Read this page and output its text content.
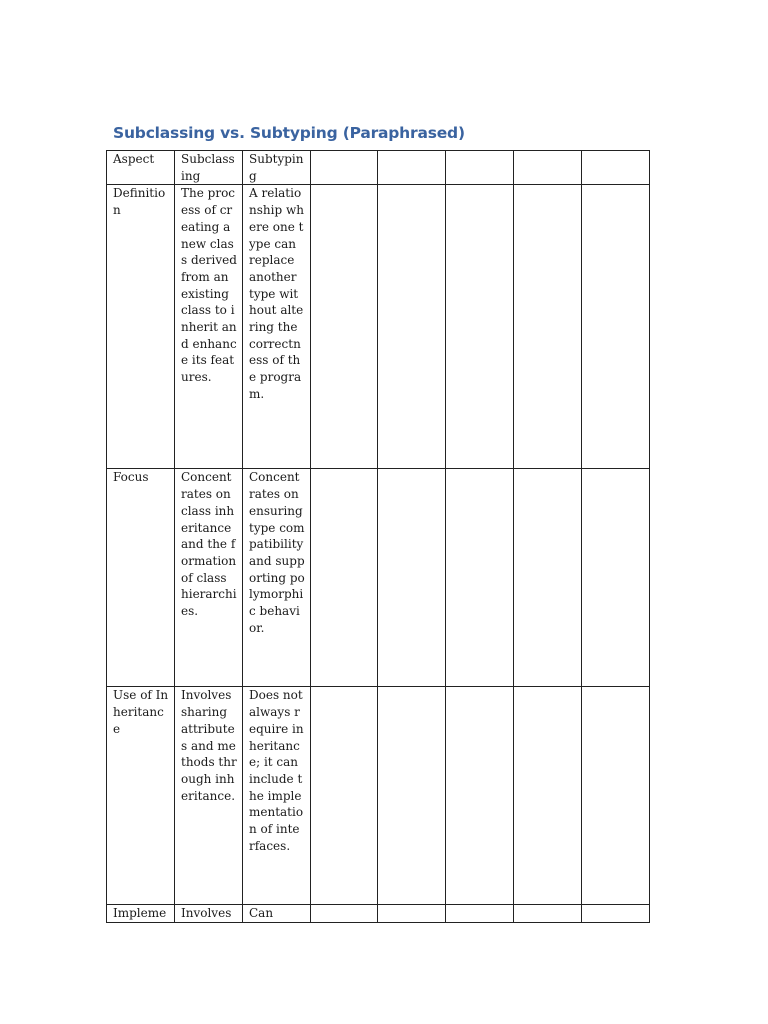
Subclassing vs. Subtyping (Paraphrased)
Aspect	Subclassing	Subtyping					
Definition	The process of creating a new class derived from an existing class to inherit and enhance its features.	A relationship where one type can replace another type without altering the correctness of the program.					
Focus	Concentrates on class inheritance and the formation of class hierarchies.	Concentrates on ensuring type compatibility and supporting polymorphic behavior.					
Use of Inheritance	Involves sharing attributes and methods through inheritance.	Does not always require inheritance; it can include the implementation of interfaces.					
Impleme	Involves	Can					
